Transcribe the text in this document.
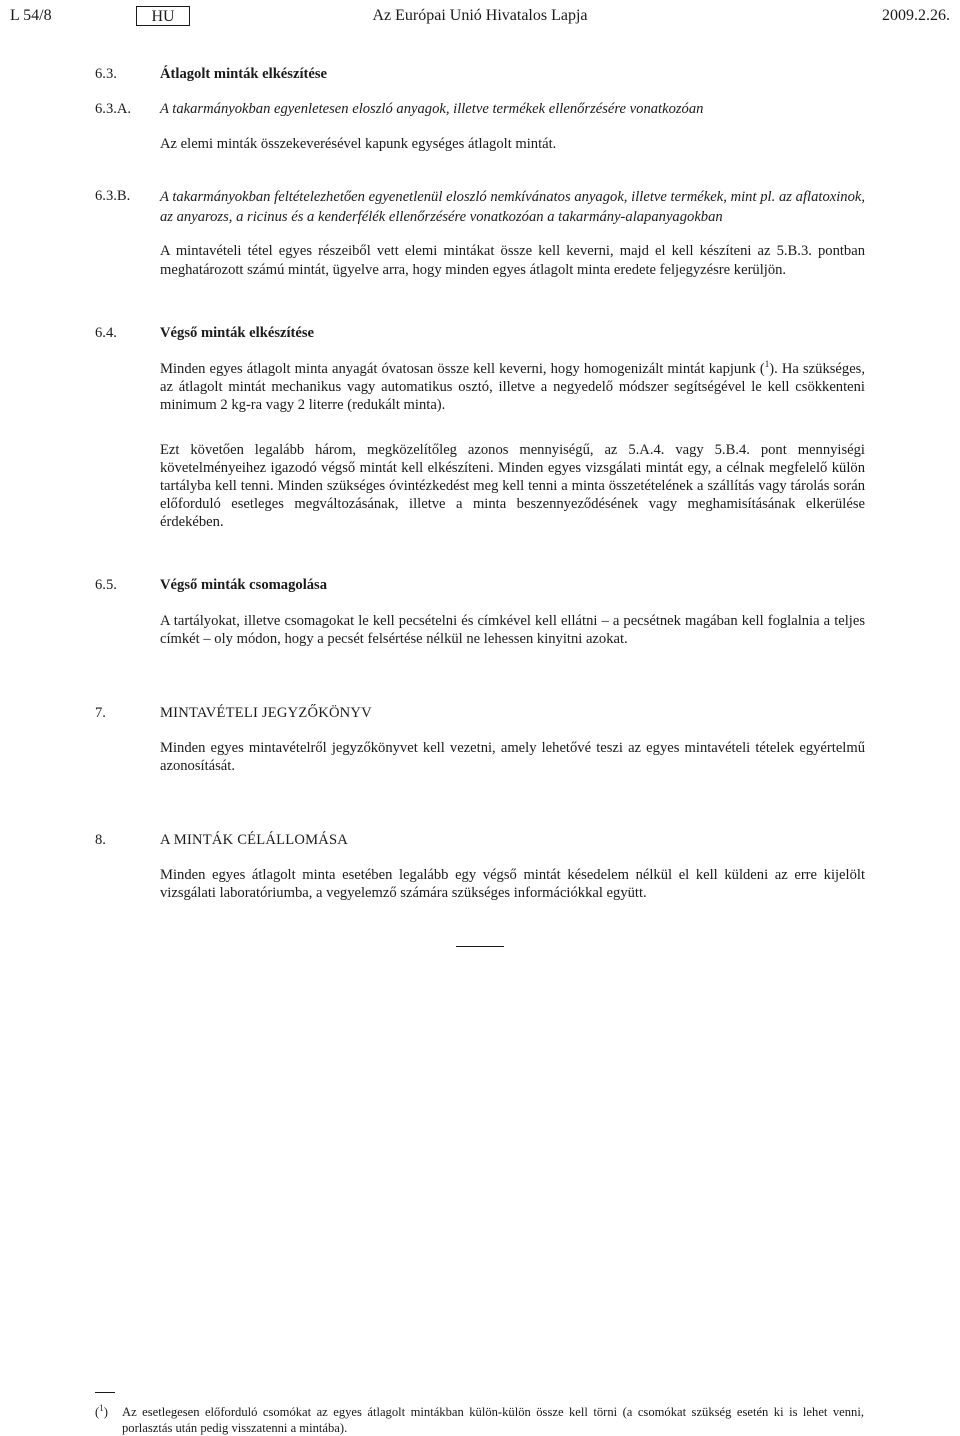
L 54/8	Az Európai Unió Hivatalos Lapja
HU	2009.2.26.
6.3.	Átlagolt minták elkészítése
6.3.A. A takarmányokban egyenletesen eloszló anyagok, illetve termékek ellenőrzésére vonatkozóan

Az elemi minták összekeverésével kapunk egységes átlagolt mintát.

6.3.B. A takarmányokban feltételezhetően egyenetlenül eloszló nemkívánatos anyagok, illetve termékek, mint pl. az aflatoxinok, az anyarozs, a ricinus és a kenderfélék ellenőrzésére vonatkozóan a takarmány-alapanyagokban

A mintavételi tétel egyes részeiből vett elemi mintákat össze kell keverni, majd el kell készíteni az 5.B.3. pontban meghatározott számú mintát, ügyelve arra, hogy minden egyes átlagolt minta eredete feljegyzésre kerüljön.

6.4.	Végső minták elkészítése

Minden egyes átlagolt minta anyagát óvatosan össze kell keverni, hogy homogenizált mintát kapjunk ($^1$). Ha szükséges, az átlagolt mintát mechanikus vagy automatikus osztó, illetve a negyedelő módszer segítségével le kell csökkenteni minimum 2 kg-ra vagy 2 literre (redukált minta).

Ezt követően legalább három, megközelítőleg azonos mennyiségű, az 5.A.4. vagy 5.B.4. pont mennyiségi követelményeihez igazodó végső mintát kell elkészíteni. Minden egyes vizsgálati mintát egy, a célnak megfelelő külön tartályba kell tenni. Minden szükséges óvintézkedést meg kell tenni a minta összetételének a szállítás vagy tárolás során előforduló esetleges megváltozásának, illetve a minta beszennyeződésének vagy meghamisításának elkerülése érdekében.

6.5.	Végső minták csomagolása

A tartályokat, illetve csomagokat le kell pecsételni és címkével kell ellátni – a pecsétnek magában kell foglalnia a teljes címkét – oly módon, hogy a pecsét felsértése nélkül ne lehessen kinyitni azokat.

7.	MINTAVÉTELI JEGYZŐKÖNYV

Minden egyes mintavételről jegyzőkönyvet kell vezetni, amely lehetővé teszi az egyes mintavételi tételek egyértelmű azonosítását.

8.	A MINTÁK CÉLÁLLOMÁSA

Minden egyes átlagolt minta esetében legalább egy végső mintát késedelem nélkül el kell küldeni az erre kijelölt vizsgálati laboratóriumba, a vegyelemző számára szükséges információkkal együtt.

($^1$) Az esetlegesen előforduló csomókat az egyes átlagolt mintákban külön-külön össze kell törni (a csomókat szükség esetén ki is lehet venni, porlasztás után pedig visszatenni a mintába).
